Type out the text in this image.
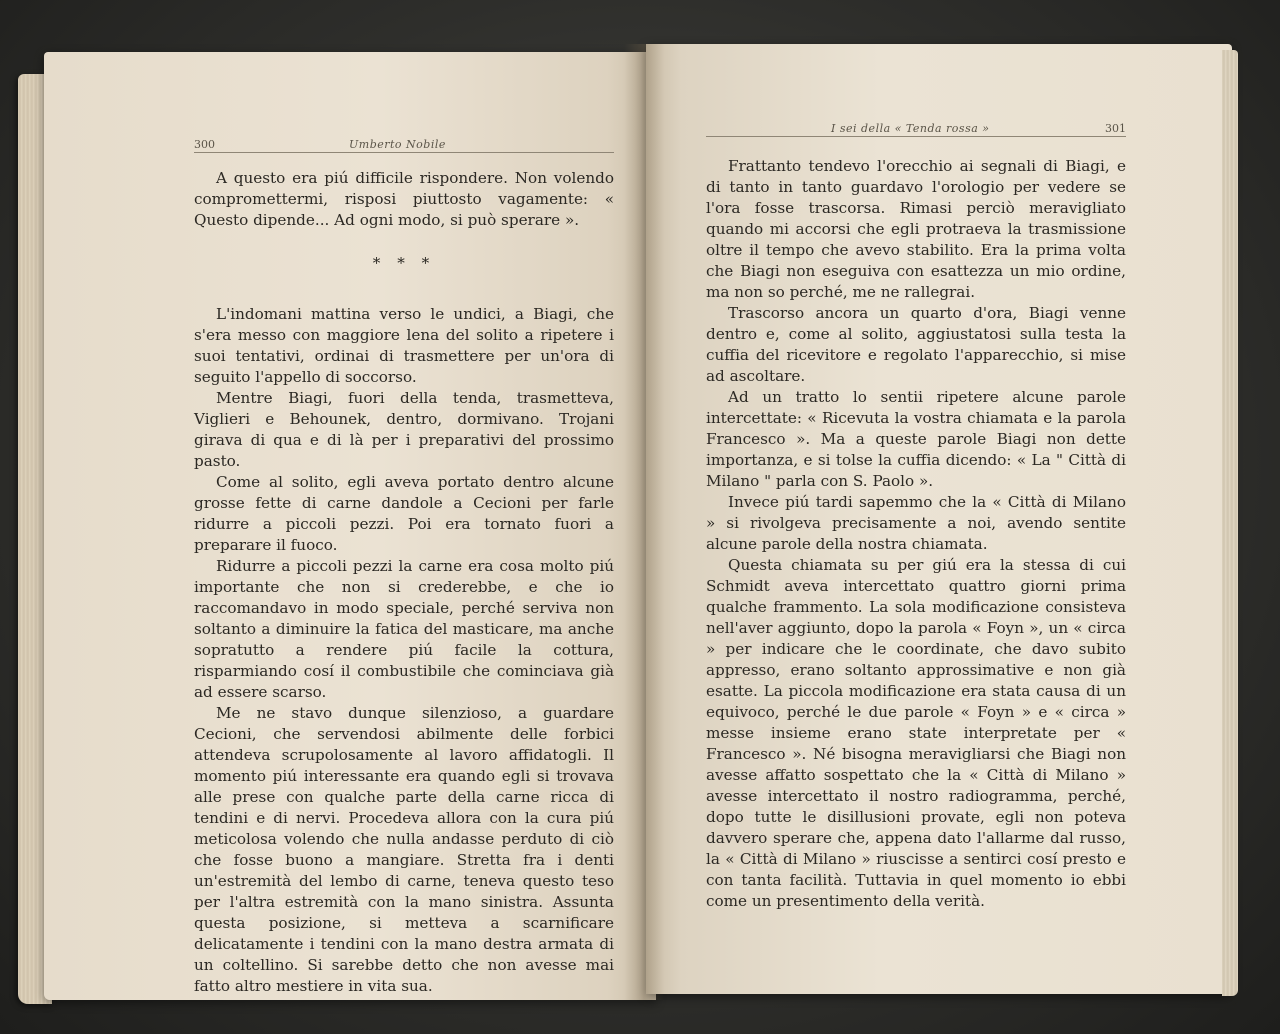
300	Umberto Nobile

A questo era piú difficile rispondere. Non volendo compromettermi, risposi piuttosto vagamente: « Questo dipende... Ad ogni modo, si può sperare ».

* * *

L'indomani mattina verso le undici, a Biagi, che s'era messo con maggiore lena del solito a ripetere i suoi tentativi, ordinai di trasmettere per un'ora di seguito l'appello di soccorso.

Mentre Biagi, fuori della tenda, trasmetteva, Viglieri e Behounek, dentro, dormivano. Trojani girava di qua e di là per i preparativi del prossimo pasto.

Come al solito, egli aveva portato dentro alcune grosse fette di carne dandole a Cecioni per farle ridurre a piccoli pezzi. Poi era tornato fuori a preparare il fuoco.

Ridurre a piccoli pezzi la carne era cosa molto piú importante che non si crederebbe, e che io raccomandavo in modo speciale, perché serviva non soltanto a diminuire la fatica del masticare, ma anche sopratutto a rendere piú facile la cottura, risparmiando cosí il combustibile che cominciava già ad essere scarso.

Me ne stavo dunque silenzioso, a guardare Cecioni, che servendosi abilmente delle forbici attendeva scrupolosamente al lavoro affidatogli. Il momento piú interessante era quando egli si trovava alle prese con qualche parte della carne ricca di tendini e di nervi. Procedeva allora con la cura piú meticolosa volendo che nulla andasse perduto di ciò che fosse buono a mangiare. Stretta fra i denti un'estremità del lembo di carne, teneva questo teso per l'altra estremità con la mano sinistra. Assunta questa posizione, si metteva a scarnificare delicatamente i tendini con la mano destra armata di un coltellino. Si sarebbe detto che non avesse mai fatto altro mestiere in vita sua.

I sei della « Tenda rossa »	301

Frattanto tendevo l'orecchio ai segnali di Biagi, e di tanto in tanto guardavo l'orologio per vedere se l'ora fosse trascorsa. Rimasi perciò meravigliato quando mi accorsi che egli protraeva la trasmissione oltre il tempo che avevo stabilito. Era la prima volta che Biagi non eseguiva con esattezza un mio ordine, ma non so perché, me ne rallegrai.

Trascorso ancora un quarto d'ora, Biagi venne dentro e, come al solito, aggiustatosi sulla testa la cuffia del ricevitore e regolato l'apparecchio, si mise ad ascoltare.

Ad un tratto lo sentii ripetere alcune parole intercettate: « Ricevuta la vostra chiamata e la parola Francesco ». Ma a queste parole Biagi non dette importanza, e si tolse la cuffia dicendo: « La " Città di Milano " parla con S. Paolo ».

Invece piú tardi sapemmo che la « Città di Milano » si rivolgeva precisamente a noi, avendo sentite alcune parole della nostra chiamata.

Questa chiamata su per giú era la stessa di cui Schmidt aveva intercettato quattro giorni prima qualche frammento. La sola modificazione consisteva nell'aver aggiunto, dopo la parola « Foyn », un « circa » per indicare che le coordinate, che davo subito appresso, erano soltanto approssimative e non già esatte. La piccola modificazione era stata causa di un equivoco, perché le due parole « Foyn » e « circa » messe insieme erano state interpretate per « Francesco ». Né bisogna meravigliarsi che Biagi non avesse affatto sospettato che la « Città di Milano » avesse intercettato il nostro radiogramma, perché, dopo tutte le disillusioni provate, egli non poteva davvero sperare che, appena dato l'allarme dal russo, la « Città di Milano » riuscisse a sentirci cosí presto e con tanta facilità. Tuttavia in quel momento io ebbi come un presentimento della verità.
